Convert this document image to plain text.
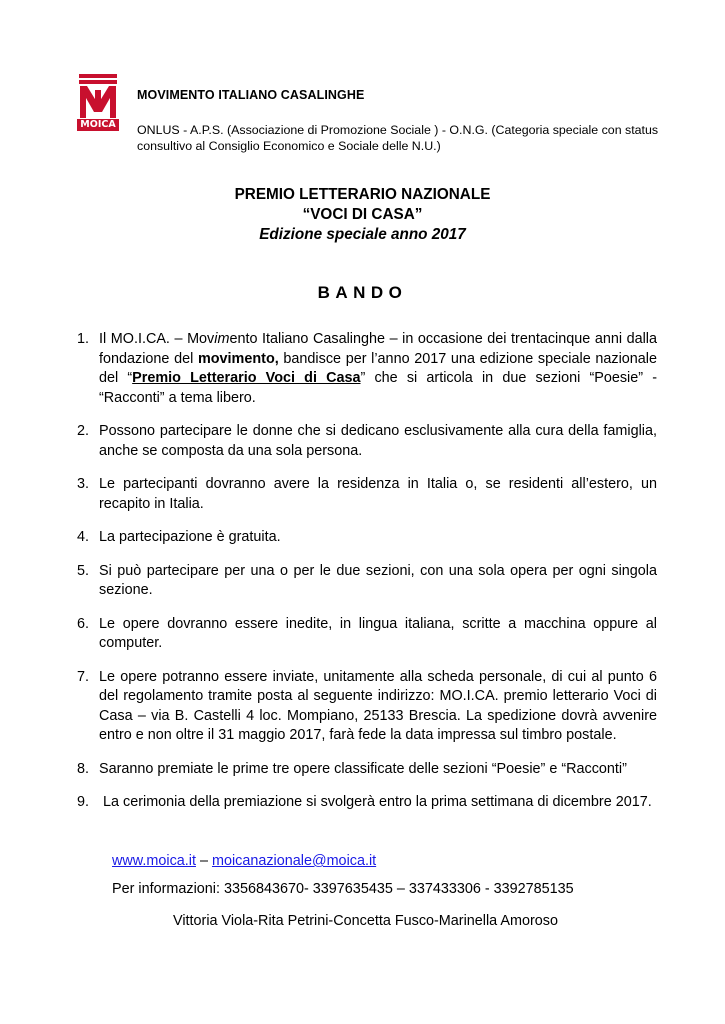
MOICA
MOVIMENTO ITALIANO CASALINGHE
ONLUS - A.P.S. (Associazione di Promozione Sociale ) - O.N.G. (Categoria speciale con status consultivo al Consiglio Economico e Sociale delle N.U.)
PREMIO LETTERARIO NAZIONALE
“VOCI DI CASA”
Edizione speciale anno 2017
BANDO
1. Il MO.I.CA. – Movimento Italiano Casalinghe – in occasione dei trentacinque anni dalla fondazione del movimento, bandisce per l’anno 2017 una edizione speciale nazionale del “Premio Letterario Voci di Casa” che si articola in due sezioni “Poesie” - “Racconti” a tema libero.
2. Possono partecipare le donne che si dedicano esclusivamente alla cura della famiglia, anche se composta da una sola persona.
3. Le partecipanti dovranno avere la residenza in Italia o, se residenti all’estero, un recapito in Italia.
4. La partecipazione è gratuita.
5. Si può partecipare per una o per le due sezioni, con una sola opera per ogni singola sezione.
6. Le opere dovranno essere inedite, in lingua italiana, scritte a macchina oppure al computer.
7. Le opere potranno essere inviate, unitamente alla scheda personale, di cui al punto 6 del regolamento tramite posta al seguente indirizzo: MO.I.CA. premio letterario Voci di Casa – via B. Castelli 4 loc. Mompiano, 25133 Brescia. La spedizione dovrà avvenire entro e non oltre il 31 maggio 2017, farà fede la data impressa sul timbro postale.
8. Saranno premiate le prime tre opere classificate delle sezioni “Poesie” e “Racconti”
9. La cerimonia della premiazione si svolgerà entro la prima settimana di dicembre 2017.
www.moica.it – moicanazionale@moica.it
Per informazioni: 3356843670- 3397635435 – 337433306 - 3392785135
Vittoria Viola-Rita Petrini-Concetta Fusco-Marinella Amoroso
